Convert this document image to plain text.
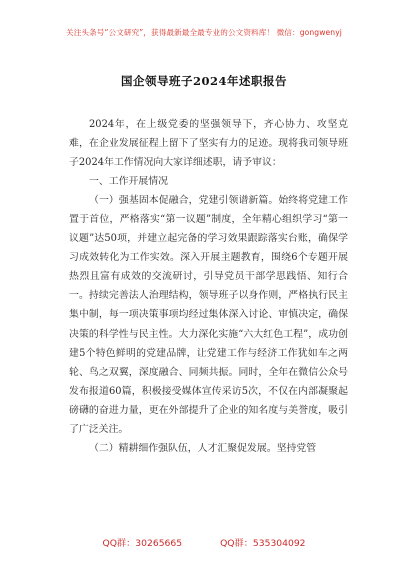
关注头条号“公文研究”，获得最新最全最专业的公文资料库！ 微信：gongwenyj
国企领导班子2024年述职报告

2024年，在上级党委的坚强领导下，齐心协力、攻坚克难，在企业发展征程上留下了坚实有力的足迹。现将我司领导班子2024年工作情况向大家详细述职，请予审议：

一、工作开展情况

（一）强基固本促融合，党建引领谱新篇。始终将党建工作置于首位，严格落实“第一议题”制度，全年精心组织学习“第一议题”达50项，并建立起完备的学习效果跟踪落实台账，确保学习成效转化为工作实效。深入开展主题教育，围绕6个专题开展热烈且富有成效的交流研讨，引导党员干部学思践悟、知行合一。持续完善法人治理结构，领导班子以身作则，严格执行民主集中制，每一项决策事项均经过集体深入讨论、审慎决定，确保决策的科学性与民主性。大力深化实施“六大红色工程”，成功创建5个特色鲜明的党建品牌，让党建工作与经济工作犹如车之两轮、鸟之双翼，深度融合、同频共振。同时，全年在微信公众号发布报道60篇，积极接受媒体宣传采访5次，不仅在内部凝聚起磅礴的奋进力量，更在外部提升了企业的知名度与美誉度，吸引了广泛关注。

（二）精耕细作强队伍，人才汇聚促发展。坚持党管

QQ群：30265665	QQ群：535304092
